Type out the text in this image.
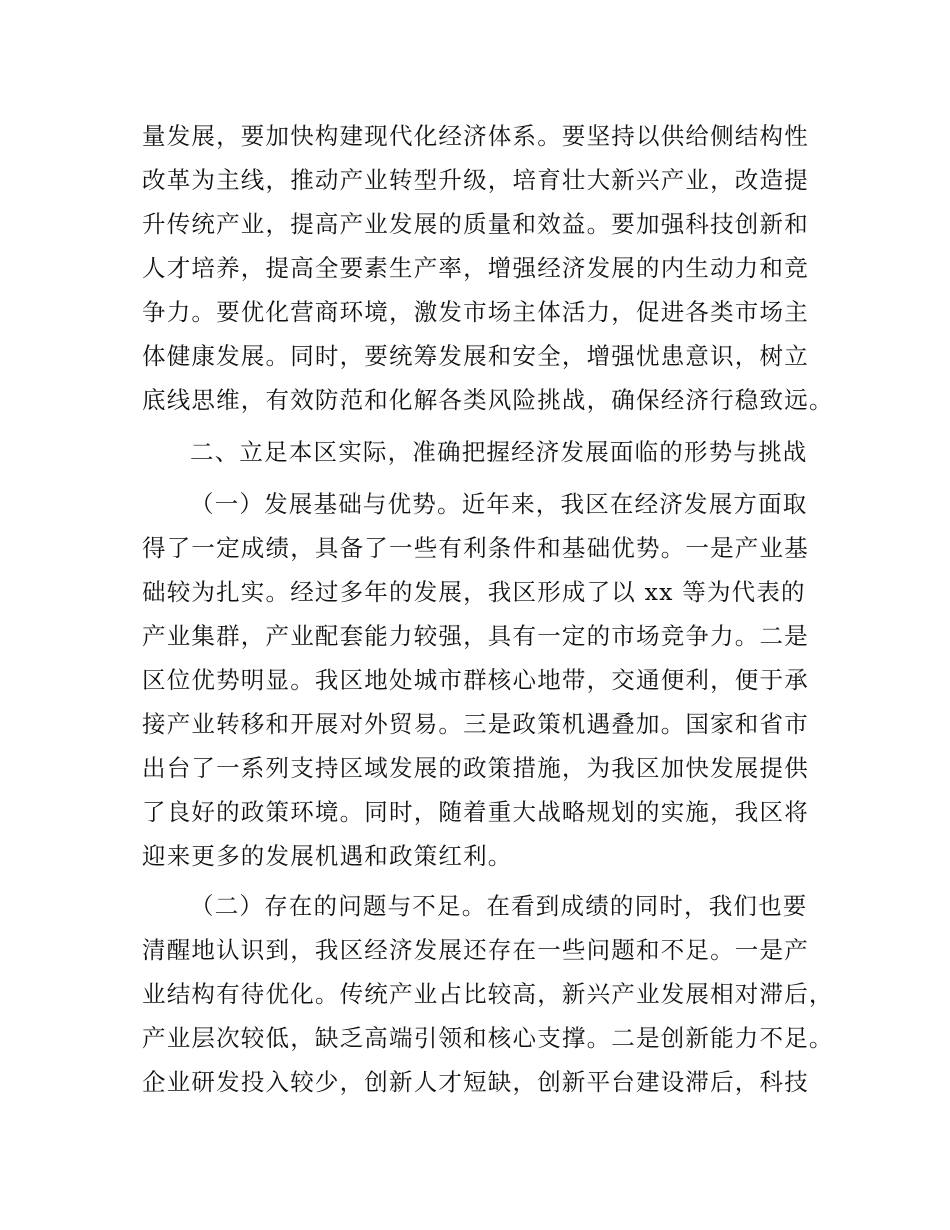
量发展，要加快构建现代化经济体系。要坚持以供给侧结构性
改革为主线，推动产业转型升级，培育壮大新兴产业，改造提
升传统产业，提高产业发展的质量和效益。要加强科技创新和
人才培养，提高全要素生产率，增强经济发展的内生动力和竞
争力。要优化营商环境，激发市场主体活力，促进各类市场主
体健康发展。同时，要统筹发展和安全，增强忧患意识，树立
底线思维，有效防范和化解各类风险挑战，确保经济行稳致远。
二、立足本区实际，准确把握经济发展面临的形势与挑战
（一）发展基础与优势。近年来，我区在经济发展方面取
得了一定成绩，具备了一些有利条件和基础优势。一是产业基
础较为扎实。经过多年的发展，我区形成了以 xx 等为代表的
产业集群，产业配套能力较强，具有一定的市场竞争力。二是
区位优势明显。我区地处城市群核心地带，交通便利，便于承
接产业转移和开展对外贸易。三是政策机遇叠加。国家和省市
出台了一系列支持区域发展的政策措施，为我区加快发展提供
了良好的政策环境。同时，随着重大战略规划的实施，我区将
迎来更多的发展机遇和政策红利。
（二）存在的问题与不足。在看到成绩的同时，我们也要
清醒地认识到，我区经济发展还存在一些问题和不足。一是产
业结构有待优化。传统产业占比较高，新兴产业发展相对滞后，
产业层次较低，缺乏高端引领和核心支撑。二是创新能力不足。
企业研发投入较少，创新人才短缺，创新平台建设滞后，科技
